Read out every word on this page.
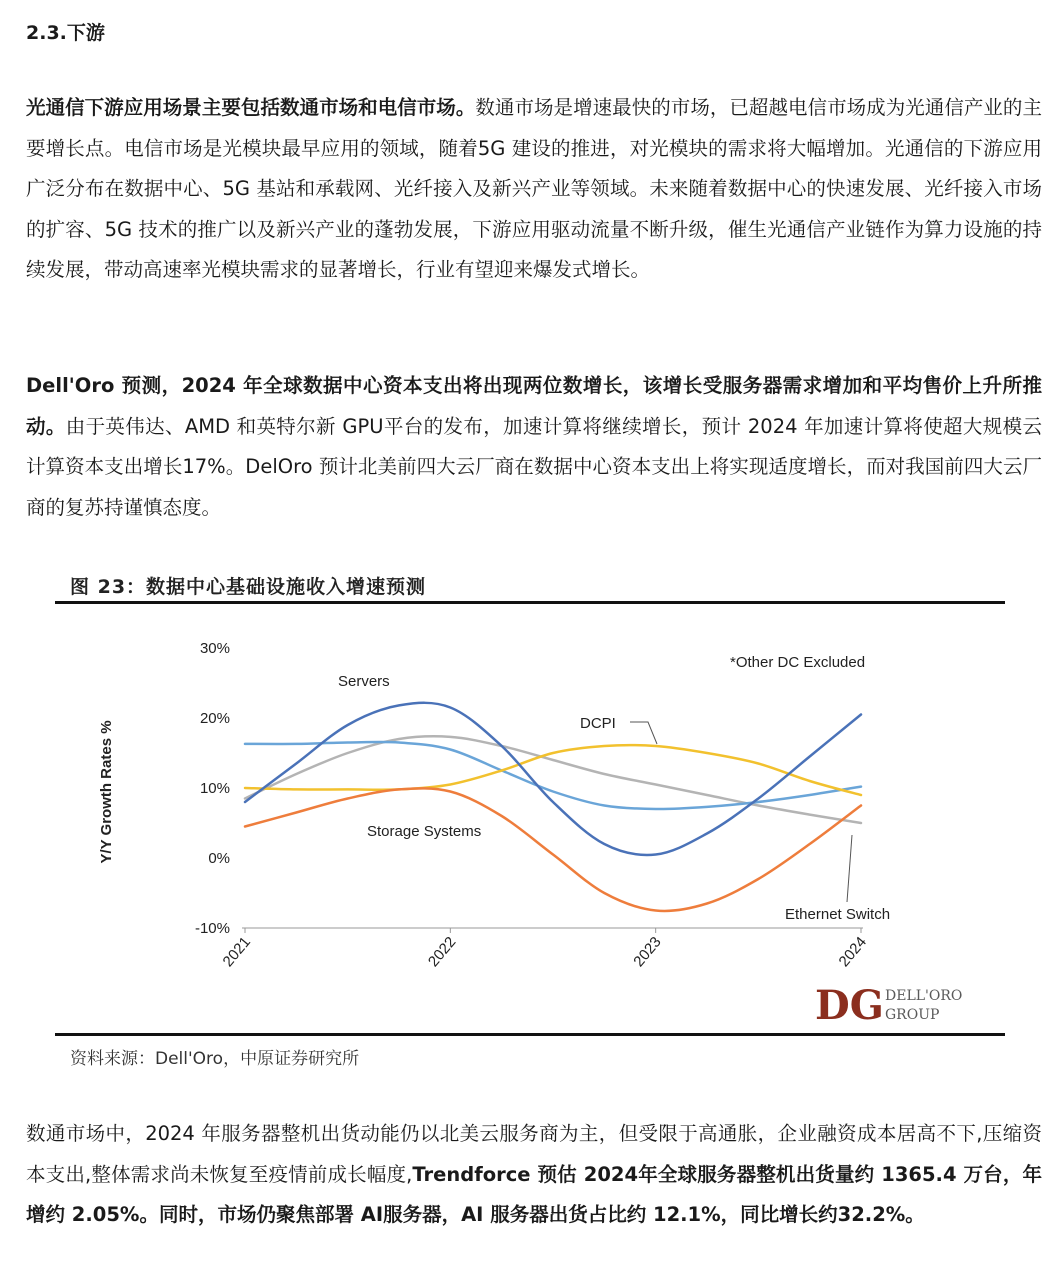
2.3.下游

光通信下游应用场景主要包括数通市场和电信市场。数通市场是增速最快的市场，已超越电信市场成为光通信产业的主要增长点。电信市场是光模块最早应用的领域，随着5G 建设的推进，对光模块的需求将大幅增加。光通信的下游应用广泛分布在数据中心、5G 基站和承载网、光纤接入及新兴产业等领域。未来随着数据中心的快速发展、光纤接入市场的扩容、5G 技术的推广以及新兴产业的蓬勃发展，下游应用驱动流量不断升级，催生光通信产业链作为算力设施的持续发展，带动高速率光模块需求的显著增长，行业有望迎来爆发式增长。

Dell'Oro 预测，2024 年全球数据中心资本支出将出现两位数增长，该增长受服务器需求增加和平均售价上升所推动。由于英伟达、AMD 和英特尔新 GPU平台的发布，加速计算将继续增长，预计 2024 年加速计算将使超大规模云计算资本支出增长17%。DelOro 预计北美前四大云厂商在数据中心资本支出上将实现适度增长，而对我国前四大云厂商的复苏持谨慎态度。

图 23：数据中心基础设施收入增速预测

30%
20%
10%
0%
-10%
Y/Y Growth Rates %
2021	2022	2023	2024
*Other DC Excluded
Servers
DCPI
Storage Systems
Ethernet Switch
DG DELL'ORO
GROUP

资料来源：Dell'Oro，中原证券研究所

数通市场中，2024 年服务器整机出货动能仍以北美云服务商为主，但受限于高通胀，企业融资成本居高不下,压缩资本支出,整体需求尚未恢复至疫情前成长幅度,Trendforce 预估 2024年全球服务器整机出货量约 1365.4 万台，年增约 2.05%。同时，市场仍聚焦部署 AI服务器，AI 服务器出货占比约 12.1%，同比增长约32.2%。
